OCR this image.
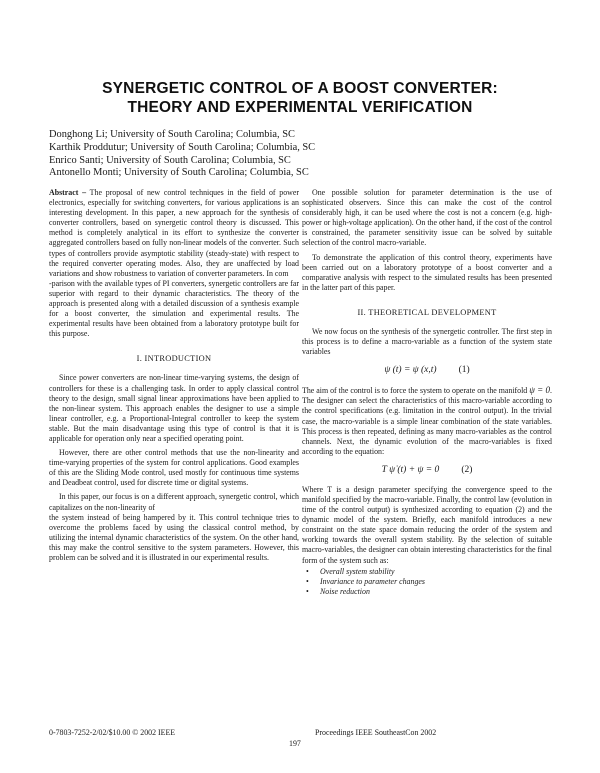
SYNERGETIC CONTROL OF A BOOST CONVERTER:
THEORY AND EXPERIMENTAL VERIFICATION
Donghong Li; University of South Carolina; Columbia, SC
Karthik Proddutur; University of South Carolina; Columbia, SC
Enrico Santi; University of South Carolina; Columbia, SC
Antonello Monti; University of South Carolina; Columbia, SC

Abstract – The proposal of new control techniques in the field of power electronics, especially for switching converters, for various applications is an interesting development. In this paper, a new approach for the synthesis of converter controllers, based on synergetic control theory is discussed. This method is completely analytical in its effort to synthesize the converter aggregated controllers based on fully non-linear models of the converter. Such types of controllers provide asymptotic stability (steady-state) with respect to the required converter operating modes. Also, they are unaffected by load variations and show robustness to variation of converter parameters. In com

-parison with the available types of PI converters, synergetic controllers are far superior with regard to their dynamic characteristics. The theory of the approach is presented along with a detailed discussion of a synthesis example for a boost converter, the simulation and experimental results. The experimental results have been obtained from a laboratory prototype built for this purpose.

I. INTRODUCTION

Since power converters are non-linear time-varying systems, the design of controllers for these is a challenging task. In order to apply classical control theory to the design, small signal linear approximations have been applied to the non-linear system. This approach enables the designer to use a simple linear controller, e.g. a Proportional-Integral controller to keep the system stable. But the main disadvantage using this type of control is that it is applicable for operation only near a specified operating point.

However, there are other control methods that use the non-linearity and time-varying properties of the system for control applications. Good examples of this are the Sliding Mode control, used mostly for continuous time systems and Deadbeat control, used for discrete time or digital systems.

In this paper, our focus is on a different approach, synergetic control, which capitalizes on the non-linearity of

the system instead of being hampered by it. This control technique tries to overcome the problems faced by using the classical control method, by utilizing the internal dynamic characteristics of the system. On the other hand, this may make the control sensitive to the system parameters. However, this problem can be solved and it is illustrated in our experimental results.

One possible solution for parameter determination is the use of sophisticated observers. Since this can make the cost of the control considerably high, it can be used where the cost is not a concern (e.g. high-power or high-voltage application). On the other hand, if the cost of the control is constrained, the parameter sensitivity issue can be solved by suitable selection of the control macro-variable.

To demonstrate the application of this control theory, experiments have been carried out on a laboratory prototype of a boost converter and a comparative analysis with respect to the simulated results has been presented in the latter part of this paper.

II. THEORETICAL DEVELOPMENT

We now focus on the synthesis of the synergetic controller. The first step in this process is to define a macro-variable as a function of the system state variables

ψ (t) = ψ (x,t) (1)

The aim of the control is to force the system to operate on the manifold ψ = 0. The designer can select the characteristics of this macro-variable according to the control specifications (e.g. limitation in the control output). In the trivial case, the macro-variable is a simple linear combination of the state variables. This process is then repeated, defining as many macro-variables as the control channels. Next, the dynamic evolution of the macro-variables is fixed according to the equation:

T ψ̇ (t) + ψ = 0 (2)

Where T is a design parameter specifying the convergence speed to the manifold specified by the macro-variable. Finally, the control law (evolution in time of the control output) is synthesized according to equation (2) and the dynamic model of the system. Briefly, each manifold introduces a new constraint on the state space domain reducing the order of the system and working towards the overall system stability. By the selection of suitable macro-variables, the designer can obtain interesting characteristics for the final form of the system such as:

• Overall system stability
• Invariance to parameter changes
• Noise reduction
0-7803-7252-2/02/$10.00 © 2002 IEEE	Proceedings IEEE SoutheastCon 2002
197
